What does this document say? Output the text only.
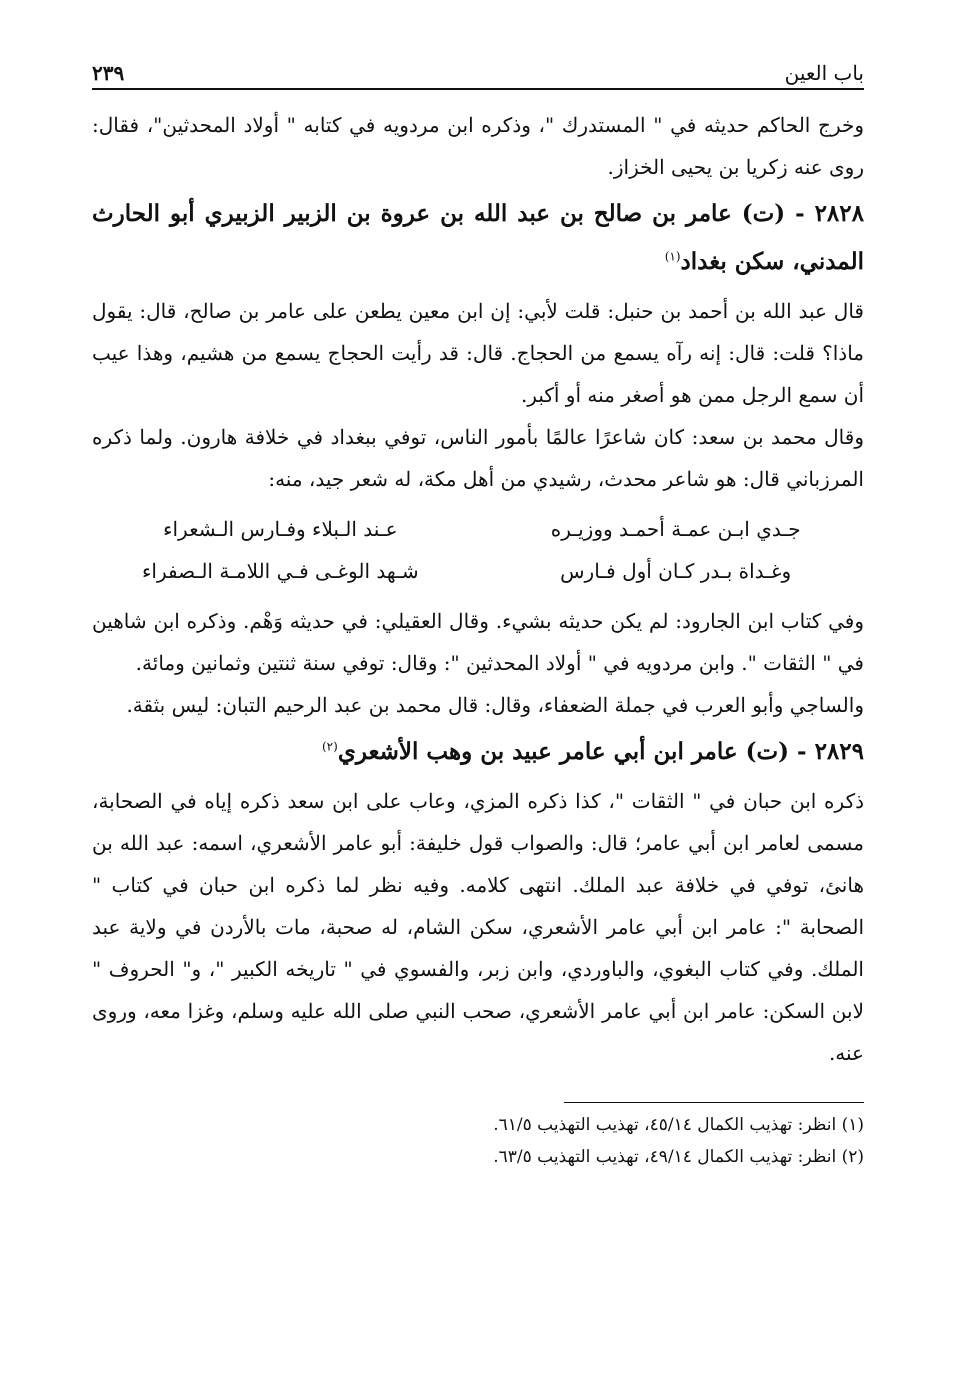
باب العين
٢٣٩

وخرج الحاكم حديثه في " المستدرك "، وذكره ابن مردويه في كتابه " أولاد المحدثين"، فقال: روى عنه زكريا بن يحيى الخزاز.

٢٨٢٨ - (ت) عامر بن صالح بن عبد الله بن عروة بن الزبير الزبيري أبو الحارث المدني، سكن بغداد$^{(١)}$

قال عبد الله بن أحمد بن حنبل: قلت لأبي: إن ابن معين يطعن على عامر بن صالح، قال: يقول ماذا؟ قلت: قال: إنه رآه يسمع من الحجاج. قال: قد رأيت الحجاج يسمع من هشيم، وهذا عيب أن سمع الرجل ممن هو أصغر منه أو أكبر.

وقال محمد بن سعد: كان شاعرًا عالمًا بأمور الناس، توفي ببغداد في خلافة هارون. ولما ذكره المرزباني قال: هو شاعر محدث، رشيدي من أهل مكة، له شعر جيد، منه:

جـدي ابـن عمـة أحمـد ووزيـره
عـند الـبلاء وفـارس الـشعراء
وغـداة بـدر كـان أول فـارس
شـهد الوغـى فـي اللامـة الـصفراء

وفي كتاب ابن الجارود: لم يكن حديثه بشيء. وقال العقيلي: في حديثه وَهْم. وذكره ابن شاهين في " الثقات ". وابن مردويه في " أولاد المحدثين ": وقال: توفي سنة ثنتين وثمانين ومائة.

والساجي وأبو العرب في جملة الضعفاء، وقال: قال محمد بن عبد الرحيم التبان: ليس بثقة.

٢٨٢٩ - (ت) عامر ابن أبي عامر عبيد بن وهب الأشعري$^{(٢)}$

ذكره ابن حبان في " الثقات "، كذا ذكره المزي، وعاب على ابن سعد ذكره إياه في الصحابة، مسمى لعامر ابن أبي عامر؛ قال: والصواب قول خليفة: أبو عامر الأشعري، اسمه: عبد الله بن هانئ، توفي في خلافة عبد الملك. انتهى كلامه. وفيه نظر لما ذكره ابن حبان في كتاب " الصحابة ": عامر ابن أبي عامر الأشعري، سكن الشام، له صحبة، مات بالأردن في ولاية عبد الملك. وفي كتاب البغوي، والباوردي، وابن زبر، والفسوي في " تاريخه الكبير "، و" الحروف " لابن السكن: عامر ابن أبي عامر الأشعري، صحب النبي صلى الله عليه وسلم، وغزا معه، وروى عنه.

(١) انظر: تهذيب الكمال ٤٥/١٤، تهذيب التهذيب ٦١/٥.
(٢) انظر: تهذيب الكمال ٤٩/١٤، تهذيب التهذيب ٦٣/٥.
